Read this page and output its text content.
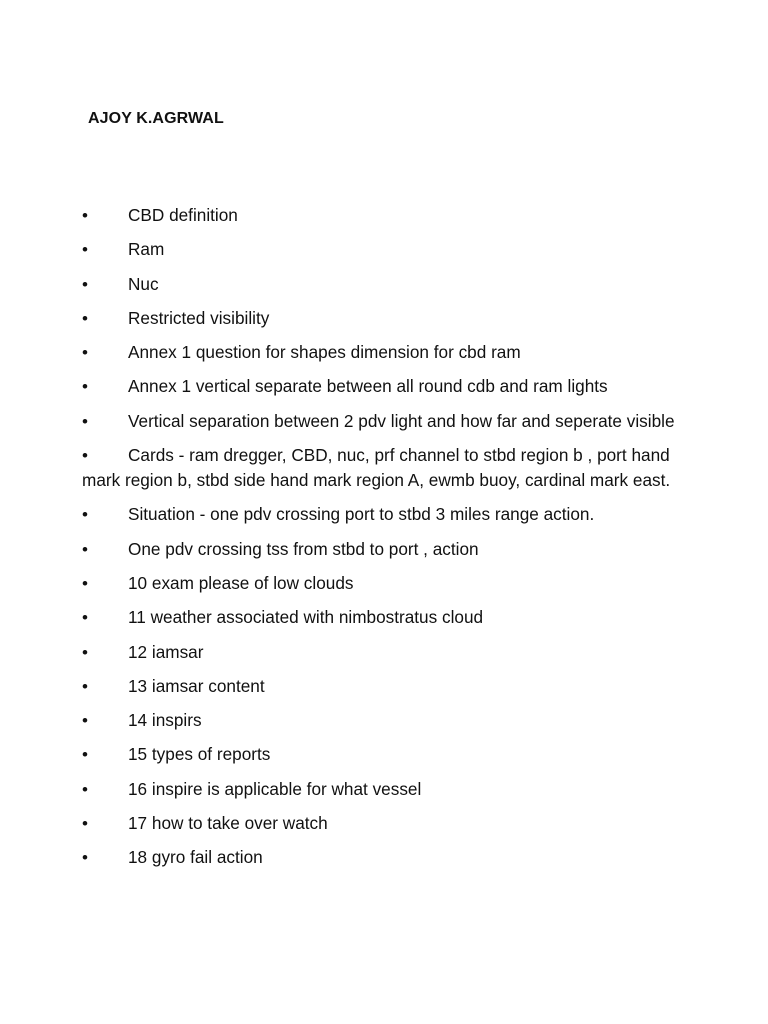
AJOY K.AGRWAL

• CBD definition
• Ram
• Nuc
• Restricted visibility
• Annex 1 question for shapes dimension for cbd ram
• Annex 1 vertical separate between all round cdb and ram lights
• Vertical separation between 2 pdv light and how far and seperate visible
• Cards - ram dregger, CBD, nuc, prf channel to stbd region b , port hand mark region b, stbd side hand mark region A, ewmb buoy, cardinal mark east.
• Situation - one pdv crossing port to stbd 3 miles range action.
• One pdv crossing tss from stbd to port , action
• 10 exam please of low clouds
• 11 weather associated with nimbostratus cloud
• 12 iamsar
• 13 iamsar content
• 14 inspirs
• 15 types of reports
• 16 inspire is applicable for what vessel
• 17 how to take over watch
• 18 gyro fail action
